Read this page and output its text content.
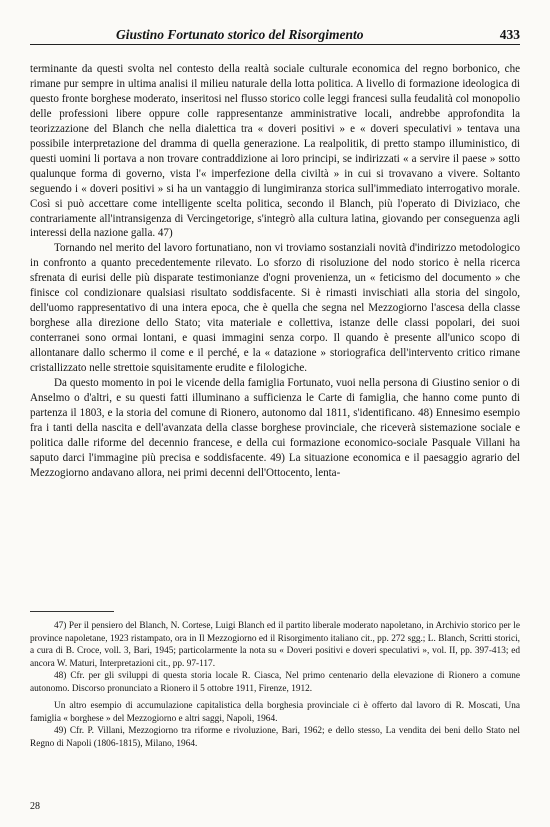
Giustino Fortunato storico del Risorgimento	433

terminante da questi svolta nel contesto della realtà sociale culturale economica del regno borbonico, che rimane pur sempre in ultima analisi il milieu naturale della lotta politica. A livello di formazione ideologica di questo fronte borghese moderato, inseritosi nel flusso storico colle leggi francesi sulla feudalità col monopolio delle professioni libere oppure colle rappresentanze amministrative locali, andrebbe approfondita la teorizzazione del Blanch che nella dialettica tra « doveri positivi » e « doveri speculativi » tentava una possibile interpretazione del dramma di quella generazione. La realpolitik, di pretto stampo illuministico, di questi uomini li portava a non trovare contraddizione ai loro principi, se indirizzati « a servire il paese » sotto qualunque forma di governo, vista l'« imperfezione della civiltà » in cui si trovavano a vivere. Soltanto seguendo i « doveri positivi » si ha un vantaggio di lungimiranza storica sull'immediato interrogativo morale. Così si può accettare come intelligente scelta politica, secondo il Blanch, più l'operato di Diviziaco, che contrariamente all'intransigenza di Vercingetorige, s'integrò alla cultura latina, giovando per conseguenza agli interessi della nazione galla. 47)

Tornando nel merito del lavoro fortunatiano, non vi troviamo sostanziali novità d'indirizzo metodologico in confronto a quanto precedentemente rilevato. Lo sforzo di risoluzione del nodo storico è nella ricerca sfrenata di eurisi delle più disparate testimonianze d'ogni provenienza, un « feticismo del documento » che finisce col condizionare qualsiasi risultato soddisfacente. Si è rimasti invischiati alla storia del singolo, dell'uomo rappresentativo di una intera epoca, che è quella che segna nel Mezzogiorno l'ascesa della classe borghese alla direzione dello Stato; vita materiale e collettiva, istanze delle classi popolari, dei suoi conterranei sono ormai lontani, e quasi immagini senza corpo. Il quando è presente all'unico scopo di allontanare dallo schermo il come e il perché, e la « datazione » storiografica dell'intervento critico rimane cristallizzato nelle strettoie squisitamente erudite e filologiche.

Da questo momento in poi le vicende della famiglia Fortunato, vuoi nella persona di Giustino senior o di Anselmo o d'altri, e su questi fatti illuminano a sufficienza le Carte di famiglia, che hanno come punto di partenza il 1803, e la storia del comune di Rionero, autonomo dal 1811, s'identificano. 48) Ennesimo esempio fra i tanti della nascita e dell'avanzata della classe borghese provinciale, che riceverà sistemazione sociale e politica dalle riforme del decennio francese, e della cui formazione economico-sociale Pasquale Villani ha saputo darci l'immagine più precisa e soddisfacente. 49) La situazione economica e il paesaggio agrario del Mezzogiorno andavano allora, nei primi decenni dell'Ottocento, lenta-

47) Per il pensiero del Blanch, N. Cortese, Luigi Blanch ed il partito liberale moderato napoletano, in Archivio storico per le province napoletane, 1923 ristampato, ora in Il Mezzogiorno ed il Risorgimento italiano cit., pp. 272 sgg.; L. Blanch, Scritti storici, a cura di B. Croce, voll. 3, Bari, 1945; particolarmente la nota su « Doveri positivi e doveri speculativi », vol. II, pp. 397-413; ed ancora W. Maturi, Interpretazioni cit., pp. 97-117.

48) Cfr. per gli sviluppi di questa storia locale R. Ciasca, Nel primo centenario della elevazione di Rionero a comune autonomo. Discorso pronunciato a Rionero il 5 ottobre 1911, Firenze, 1912.

Un altro esempio di accumulazione capitalistica della borghesia provinciale ci è offerto dal lavoro di R. Moscati, Una famiglia « borghese » del Mezzogiorno e altri saggi, Napoli, 1964.

49) Cfr. P. Villani, Mezzogiorno tra riforme e rivoluzione, Bari, 1962; e dello stesso, La vendita dei beni dello Stato nel Regno di Napoli (1806-1815), Milano, 1964.

28
